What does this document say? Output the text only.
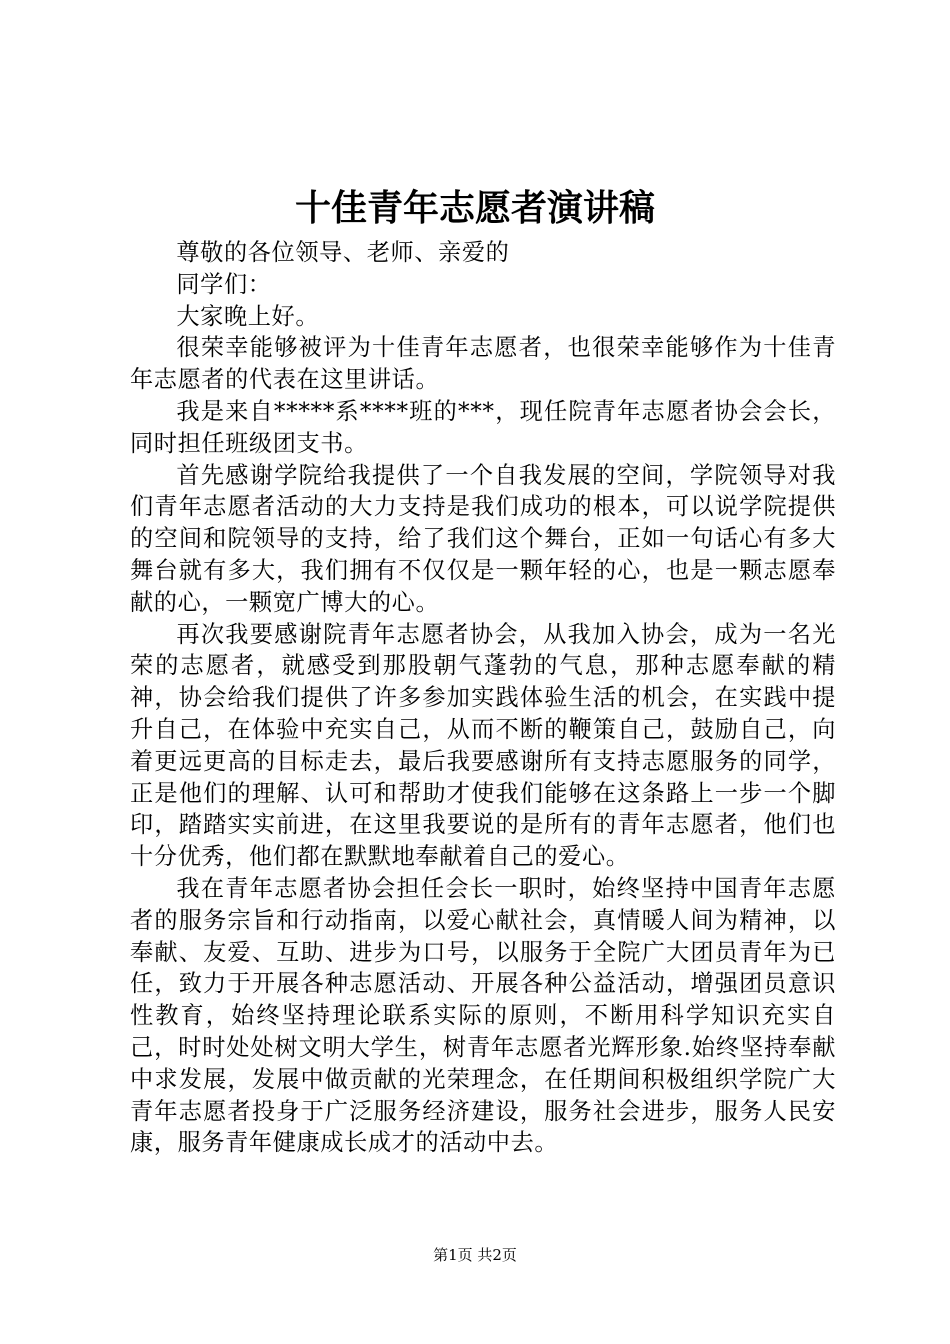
十佳青年志愿者演讲稿

尊敬的各位领导、老师、亲爱的

同学们：

大家晚上好。

很荣幸能够被评为十佳青年志愿者，也很荣幸能够作为十佳青年志愿者的代表在这里讲话。

我是来自*****系****班的***，现任院青年志愿者协会会长，同时担任班级团支书。

首先感谢学院给我提供了一个自我发展的空间，学院领导对我们青年志愿者活动的大力支持是我们成功的根本，可以说学院提供的空间和院领导的支持，给了我们这个舞台，正如一句话心有多大舞台就有多大，我们拥有不仅仅是一颗年轻的心，也是一颗志愿奉献的心，一颗宽广博大的心。

再次我要感谢院青年志愿者协会，从我加入协会，成为一名光荣的志愿者，就感受到那股朝气蓬勃的气息，那种志愿奉献的精神，协会给我们提供了许多参加实践体验生活的机会，在实践中提升自己，在体验中充实自己，从而不断的鞭策自己，鼓励自己，向着更远更高的目标走去，最后我要感谢所有支持志愿服务的同学，正是他们的理解、认可和帮助才使我们能够在这条路上一步一个脚印，踏踏实实前进，在这里我要说的是所有的青年志愿者，他们也十分优秀，他们都在默默地奉献着自己的爱心。

我在青年志愿者协会担任会长一职时，始终坚持中国青年志愿者的服务宗旨和行动指南，以爱心献社会，真情暖人间为精神，以奉献、友爱、互助、进步为口号，以服务于全院广大团员青年为已任，致力于开展各种志愿活动、开展各种公益活动，增强团员意识性教育，始终坚持理论联系实际的原则，不断用科学知识充实自己，时时处处树文明大学生，树青年志愿者光辉形象.始终坚持奉献中求发展，发展中做贡献的光荣理念，在任期间积极组织学院广大青年志愿者投身于广泛服务经济建设，服务社会进步，服务人民安康，服务青年健康成长成才的活动中去。

第1页 共2页
